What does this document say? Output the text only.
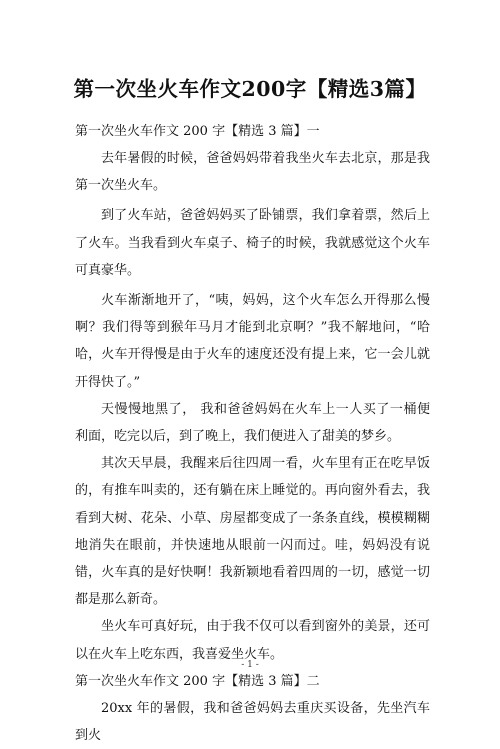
第一次坐火车作文200字【精选3篇】

第一次坐火车作文 200 字【精选 3 篇】一

去年暑假的时候，爸爸妈妈带着我坐火车去北京，那是我第一次坐火车。

到了火车站，爸爸妈妈买了卧铺票，我们拿着票，然后上了火车。当我看到火车桌子、椅子的时候，我就感觉这个火车可真豪华。

火车渐渐地开了，“咦，妈妈，这个火车怎么开得那么慢啊？我们得等到猴年马月才能到北京啊？”我不解地问，“哈哈，火车开得慢是由于火车的速度还没有提上来，它一会儿就开得快了。”

天慢慢地黑了， 我和爸爸妈妈在火车上一人买了一桶便利面，吃完以后，到了晚上，我们便进入了甜美的梦乡。

其次天早晨，我醒来后往四周一看，火车里有正在吃早饭的，有推车叫卖的，还有躺在床上睡觉的。再向窗外看去，我看到大树、花朵、小草、房屋都变成了一条条直线，模模糊糊地消失在眼前，并快速地从眼前一闪而过。哇，妈妈没有说错，火车真的是好快啊！我新颖地看着四周的一切，感觉一切都是那么新奇。

坐火车可真好玩，由于我不仅可以看到窗外的美景，还可以在火车上吃东西，我喜爱坐火车。

第一次坐火车作文 200 字【精选 3 篇】二

20xx 年的暑假，我和爸爸妈妈去重庆买设备，先坐汽车到火

- 1 -
